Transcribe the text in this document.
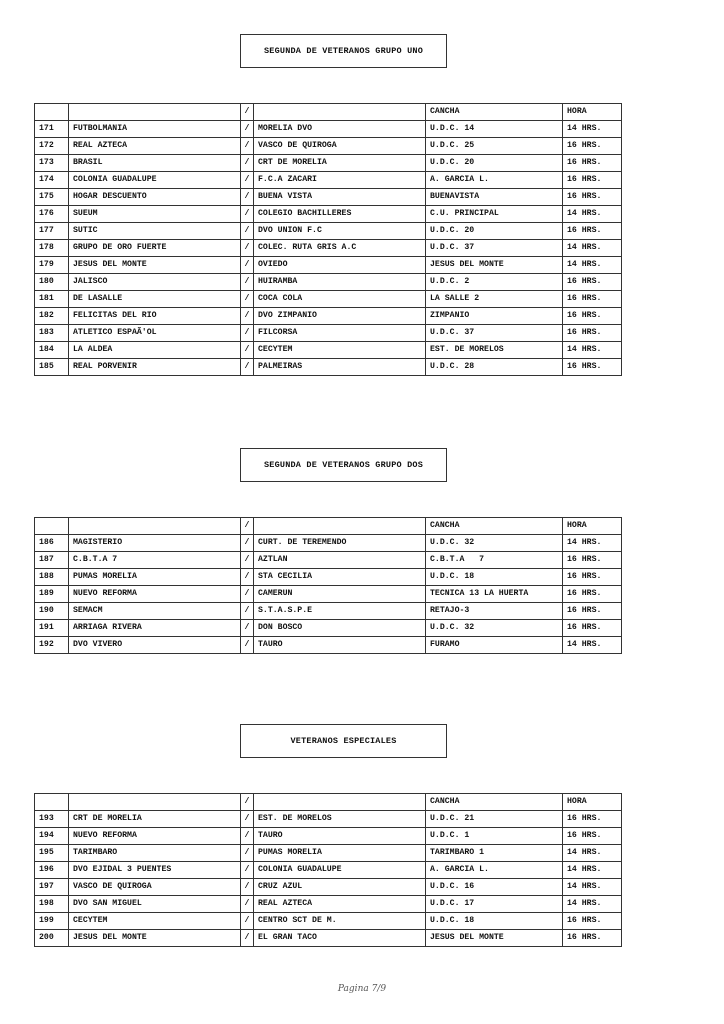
SEGUNDA DE VETERANOS GRUPO UNO
		/		CANCHA	HORA
171	FUTBOLMANIA	/	MORELIA DVO	U.D.C. 14	14 HRS.
172	REAL AZTECA	/	VASCO DE QUIROGA	U.D.C. 25	16 HRS.
173	BRASIL	/	CRT DE MORELIA	U.D.C. 20	16 HRS.
174	COLONIA GUADALUPE	/	F.C.A ZACARI	A. GARCIA L.	16 HRS.
175	HOGAR DESCUENTO	/	BUENA VISTA	BUENAVISTA	16 HRS.
176	SUEUM	/	COLEGIO BACHILLERES	C.U. PRINCIPAL	14 HRS.
177	SUTIC	/	DVO UNION F.C	U.D.C. 20	16 HRS.
178	GRUPO DE ORO FUERTE	/	COLEC. RUTA GRIS A.C	U.D.C. 37	14 HRS.
179	JESUS DEL MONTE	/	OVIEDO	JESUS DEL MONTE	14 HRS.
180	JALISCO	/	HUIRAMBA	U.D.C. 2	16 HRS.
181	DE LASALLE	/	COCA COLA	LA SALLE 2	16 HRS.
182	FELICITAS DEL RIO	/	DVO ZIMPANIO	ZIMPANIO	16 HRS.
183	ATLETICO ESPAÃ'OL	/	FILCORSA	U.D.C. 37	16 HRS.
184	LA ALDEA	/	CECYTEM	EST. DE MORELOS	14 HRS.
185	REAL PORVENIR	/	PALMEIRAS	U.D.C. 28	16 HRS.
SEGUNDA DE VETERANOS GRUPO DOS
		/		CANCHA	HORA
186	MAGISTERIO	/	CURT. DE TEREMENDO	U.D.C. 32	14 HRS.
187	C.B.T.A 7	/	AZTLAN	C.B.T.A   7	16 HRS.
188	PUMAS MORELIA	/	STA CECILIA	U.D.C. 18	16 HRS.
189	NUEVO REFORMA	/	CAMERUN	TECNICA 13 LA HUERTA	16 HRS.
190	SEMACM	/	S.T.A.S.P.E	RETAJO-3	16 HRS.
191	ARRIAGA RIVERA	/	DON BOSCO	U.D.C. 32	16 HRS.
192	DVO VIVERO	/	TAURO	FURAMO	14 HRS.
VETERANOS ESPECIALES
		/		CANCHA	HORA
193	CRT DE MORELIA	/	EST. DE MORELOS	U.D.C. 21	16 HRS.
194	NUEVO REFORMA	/	TAURO	U.D.C. 1	16 HRS.
195	TARIMBARO	/	PUMAS MORELIA	TARIMBARO 1	14 HRS.
196	DVO EJIDAL 3 PUENTES	/	COLONIA GUADALUPE	A. GARCIA L.	14 HRS.
197	VASCO DE QUIROGA	/	CRUZ AZUL	U.D.C. 16	14 HRS.
198	DVO SAN MIGUEL	/	REAL AZTECA	U.D.C. 17	14 HRS.
199	CECYTEM	/	CENTRO SCT DE M.	U.D.C. 18	16 HRS.
200	JESUS DEL MONTE	/	EL GRAN TACO	JESUS DEL MONTE	16 HRS.
Pagina 7/9
